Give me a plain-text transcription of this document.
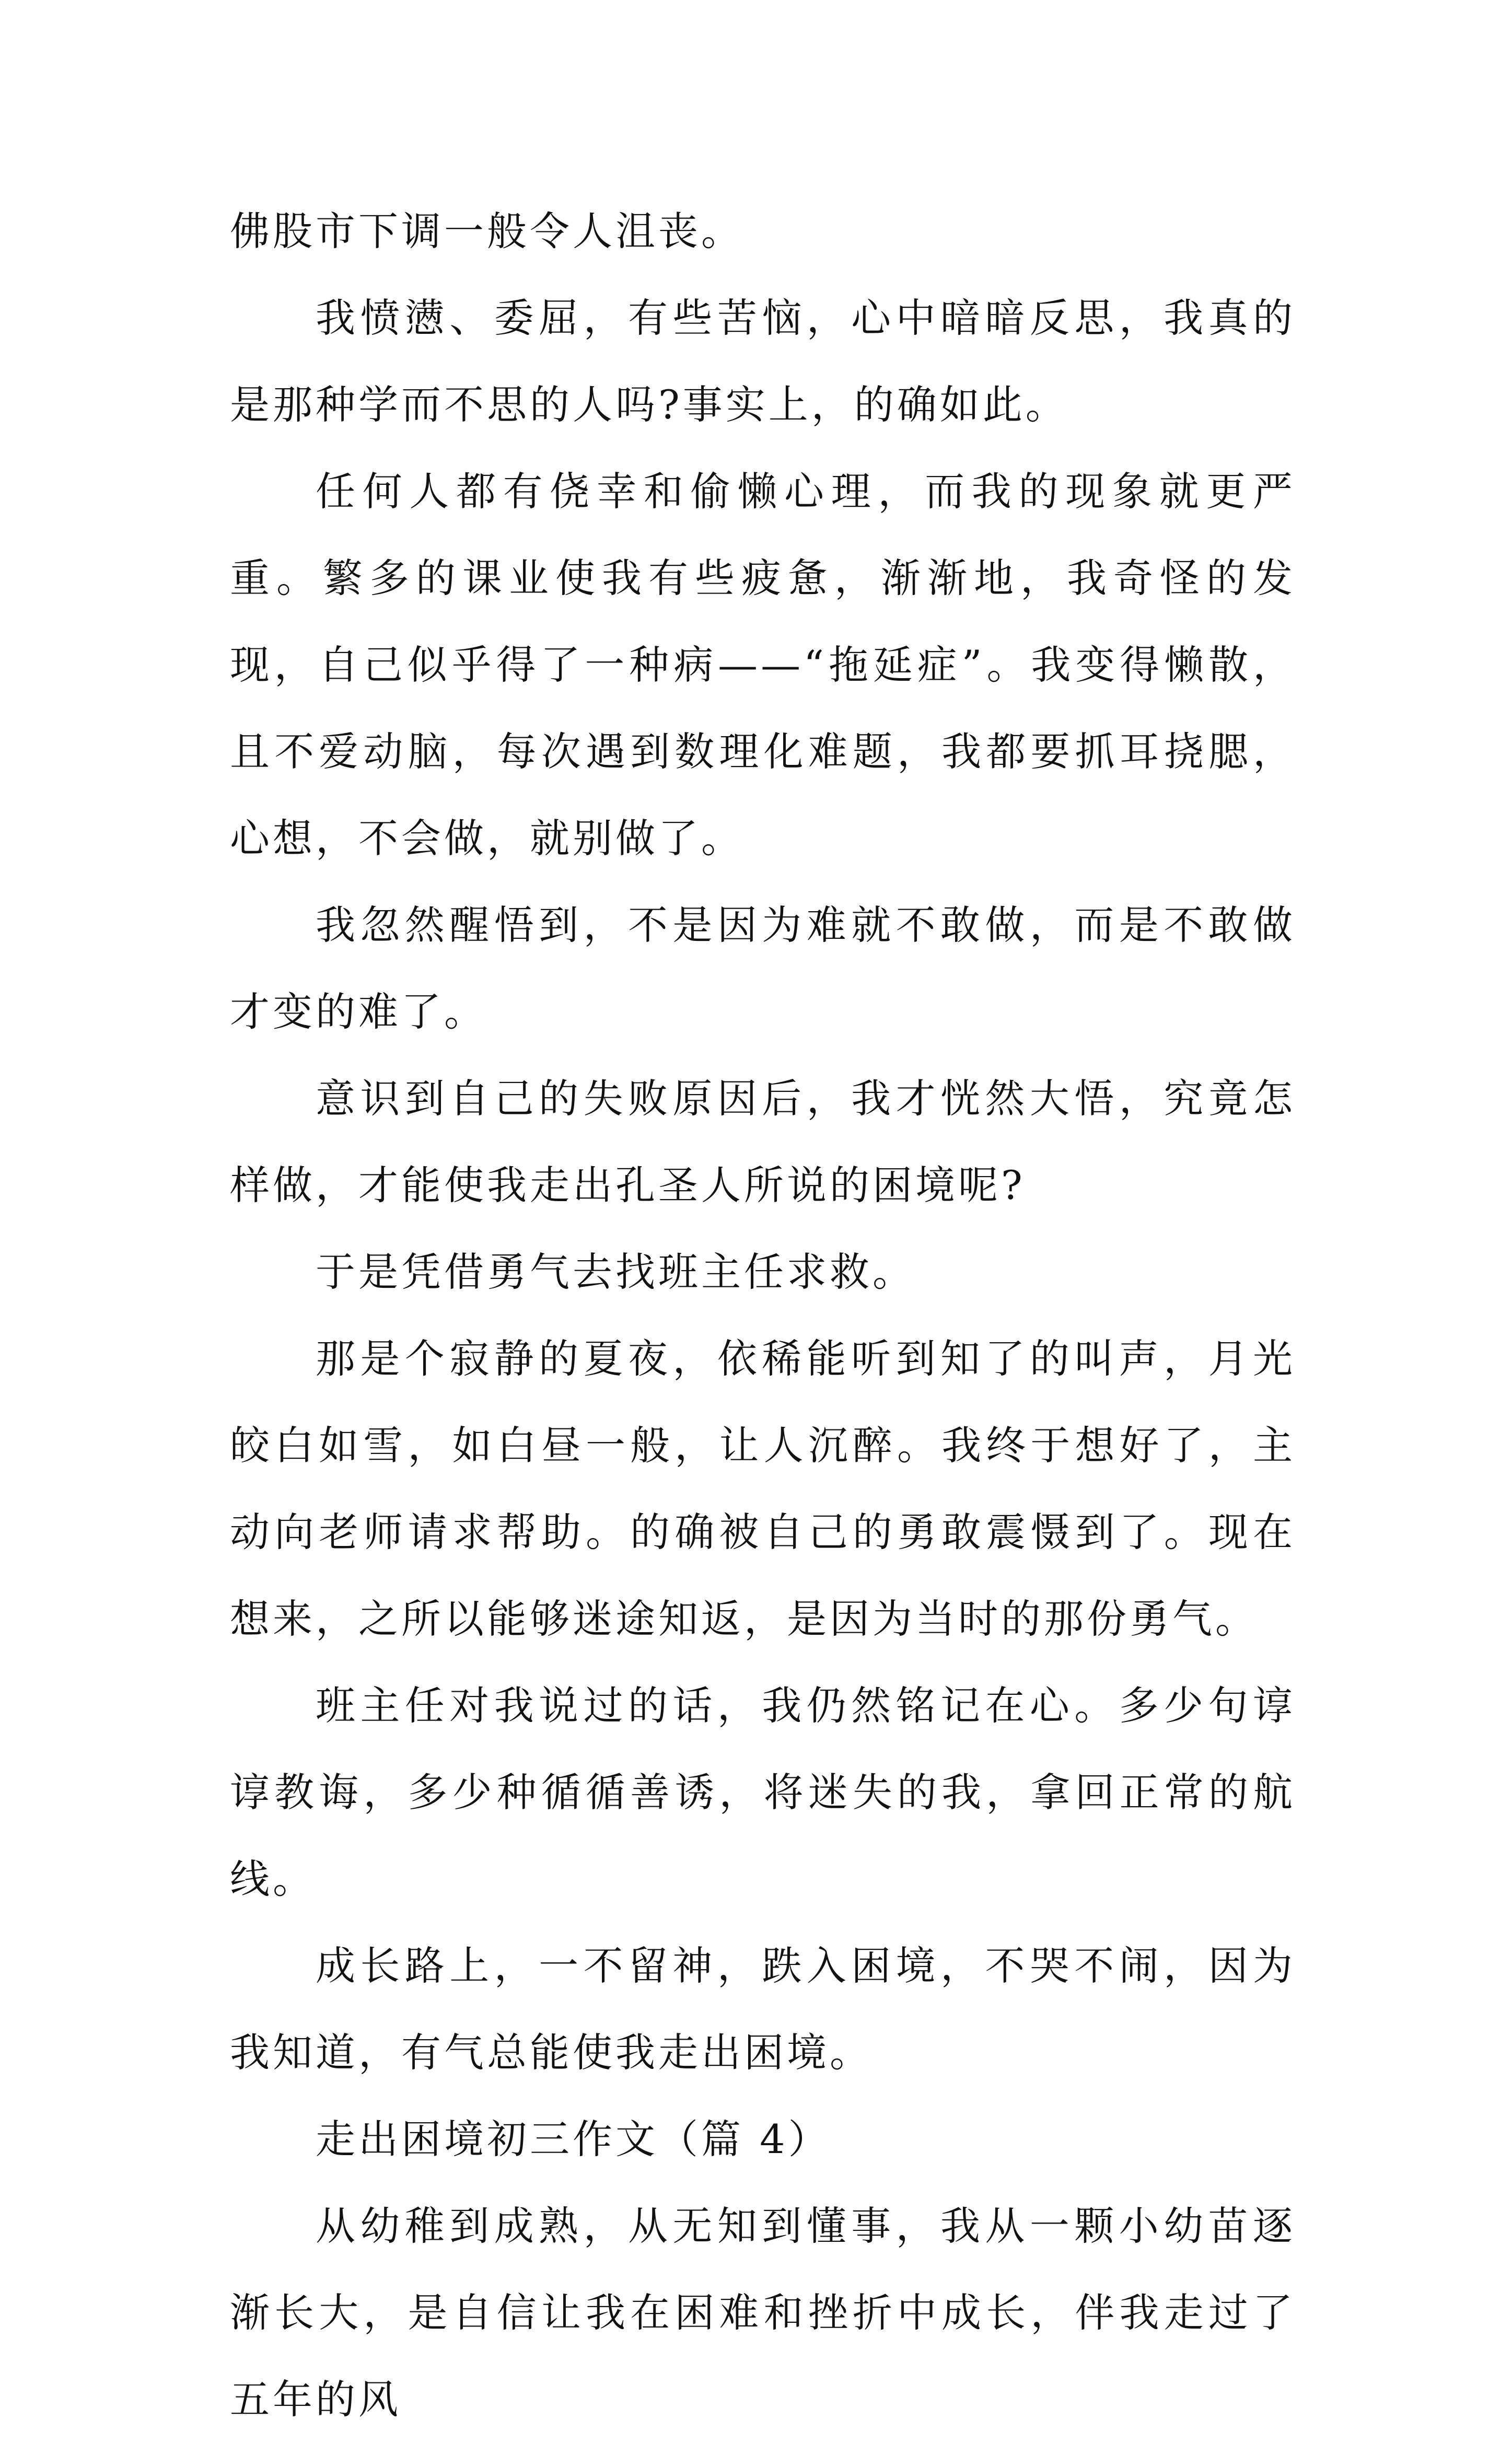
佛股市下调一般令人沮丧。

我愤懑、委屈，有些苦恼，心中暗暗反思，我真的是那种学而不思的人吗?事实上，的确如此。

任何人都有侥幸和偷懒心理，而我的现象就更严重。繁多的课业使我有些疲惫，渐渐地，我奇怪的发现，自己似乎得了一种病——“拖延症”。我变得懒散，且不爱动脑，每次遇到数理化难题，我都要抓耳挠腮，心想，不会做，就别做了。

我忽然醒悟到，不是因为难就不敢做，而是不敢做才变的难了。

意识到自己的失败原因后，我才恍然大悟，究竟怎样做，才能使我走出孔圣人所说的困境呢?

于是凭借勇气去找班主任求救。

那是个寂静的夏夜，依稀能听到知了的叫声，月光皎白如雪，如白昼一般，让人沉醉。我终于想好了，主动向老师请求帮助。的确被自己的勇敢震慑到了。现在想来，之所以能够迷途知返，是因为当时的那份勇气。

班主任对我说过的话，我仍然铭记在心。多少句谆谆教诲，多少种循循善诱，将迷失的我，拿回正常的航线。

成长路上，一不留神，跌入困境，不哭不闹，因为我知道，有气总能使我走出困境。

走出困境初三作文（篇 4）

从幼稚到成熟，从无知到懂事，我从一颗小幼苗逐渐长大，是自信让我在困难和挫折中成长，伴我走过了五年的风
